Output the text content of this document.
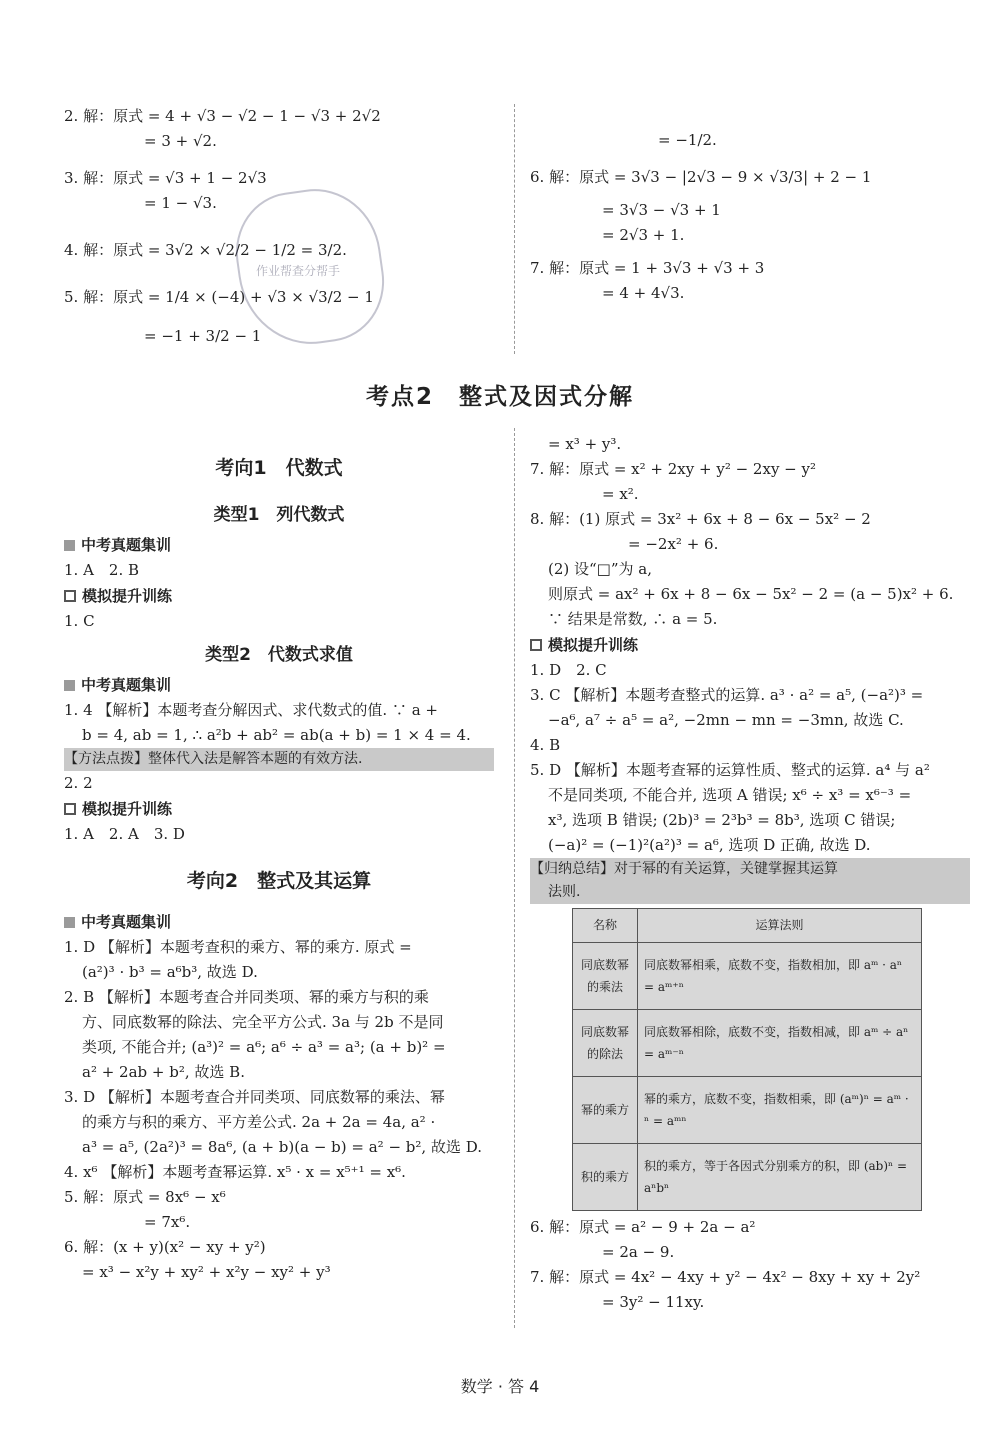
2. 解：原式 = 4 + √3 − √2 − 1 − √3 + 2√2
= 3 + √2.
3. 解：原式 = √3 + 1 − 2√3
= 1 − √3.
4. 解：原式 = 3√2 × √2/2 − 1/2 = 3/2.
5. 解：原式 = 1/4 × (−4) + √3 × √3/2 − 1
= −1 + 3/2 − 1
作业帮查分帮手
= −1/2.
6. 解：原式 = 3√3 − |2√3 − 9 × √3/3| + 2 − 1
= 3√3 − √3 + 1
= 2√3 + 1.
7. 解：原式 = 1 + 3√3 + √3 + 3
= 4 + 4√3.
考点2　整式及因式分解
考向1　代数式
类型1　列代数式
中考真题集训
1. A　2. B
模拟提升训练
1. C
类型2　代数式求值
中考真题集训
1. 4 【解析】本题考查分解因式、求代数式的值. ∵ a +
b = 4, ab = 1, ∴ a²b + ab² = ab(a + b) = 1 × 4 = 4.
【方法点拨】整体代入法是解答本题的有效方法.
2. 2
模拟提升训练
1. A　2. A　3. D
考向2　整式及其运算
中考真题集训
1. D 【解析】本题考查积的乘方、幂的乘方. 原式 =
(a²)³ · b³ = a⁶b³, 故选 D.
2. B 【解析】本题考查合并同类项、幂的乘方与积的乘
方、同底数幂的除法、完全平方公式. 3a 与 2b 不是同
类项, 不能合并; (a³)² = a⁶; a⁶ ÷ a³ = a³; (a + b)² =
a² + 2ab + b², 故选 B.
3. D 【解析】本题考查合并同类项、同底数幂的乘法、幂
的乘方与积的乘方、平方差公式. 2a + 2a = 4a, a² ·
a³ = a⁵, (2a²)³ = 8a⁶, (a + b)(a − b) = a² − b², 故选 D.
4. x⁶ 【解析】本题考查幂运算. x⁵ · x = x⁵⁺¹ = x⁶.
5. 解：原式 = 8x⁶ − x⁶
= 7x⁶.
6. 解：(x + y)(x² − xy + y²)
= x³ − x²y + xy² + x²y − xy² + y³
= x³ + y³.
7. 解：原式 = x² + 2xy + y² − 2xy − y²
= x².
8. 解：(1) 原式 = 3x² + 6x + 8 − 6x − 5x² − 2
= −2x² + 6.
(2) 设“□”为 a,
则原式 = ax² + 6x + 8 − 6x − 5x² − 2 = (a − 5)x² + 6.
∵ 结果是常数, ∴ a = 5.
模拟提升训练
1. D　2. C
3. C 【解析】本题考查整式的运算. a³ · a² = a⁵, (−a²)³ =
−a⁶, a⁷ ÷ a⁵ = a², −2mn − mn = −3mn, 故选 C.
4. B
5. D 【解析】本题考查幂的运算性质、整式的运算. a⁴ 与 a²
不是同类项, 不能合并, 选项 A 错误; x⁶ ÷ x³ = x⁶⁻³ =
x³, 选项 B 错误; (2b)³ = 2³b³ = 8b³, 选项 C 错误;
(−a)² = (−1)²(a²)³ = a⁶, 选项 D 正确, 故选 D.
【归纳总结】对于幂的有关运算，关键掌握其运算
法则.
名称	运算法则
同底数幂的乘法	同底数幂相乘，底数不变，指数相加，即 aᵐ · aⁿ = aᵐ⁺ⁿ
同底数幂的除法	同底数幂相除，底数不变，指数相减，即 aᵐ ÷ aⁿ = aᵐ⁻ⁿ
幂的乘方	幂的乘方，底数不变，指数相乘，即 (aᵐ)ⁿ = aᵐ · ⁿ = aᵐⁿ
积的乘方	积的乘方，等于各因式分别乘方的积，即 (ab)ⁿ = aⁿbⁿ
6. 解：原式 = a² − 9 + 2a − a²
= 2a − 9.
7. 解：原式 = 4x² − 4xy + y² − 4x² − 8xy + xy + 2y²
= 3y² − 11xy.
数学 · 答 4
